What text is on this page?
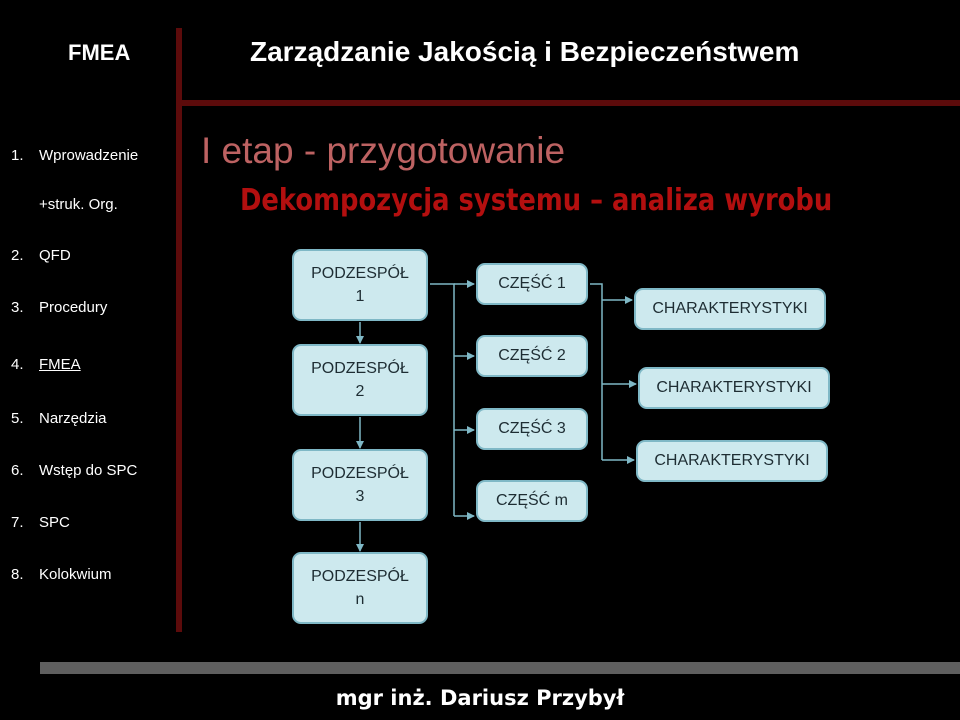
FMEA	Zarządzanie Jakością i Bezpieczeństwem
1. Wprowadzenie
+struk. Org.
2. QFD
3. Procedury
4. FMEA
5. Narzędzia
6. Wstęp do SPC
7. SPC
8. Kolokwium
I etap - przygotowanie
Dekompozycja systemu – analiza wyrobu
PODZESPÓŁ
1
PODZESPÓŁ
2
PODZESPÓŁ
3
PODZESPÓŁ
n
CZĘŚĆ 1
CZĘŚĆ 2
CZĘŚĆ 3
CZĘŚĆ m
CHARAKTERYSTYKI
CHARAKTERYSTYKI
CHARAKTERYSTYKI
mgr inż. Dariusz Przybył
